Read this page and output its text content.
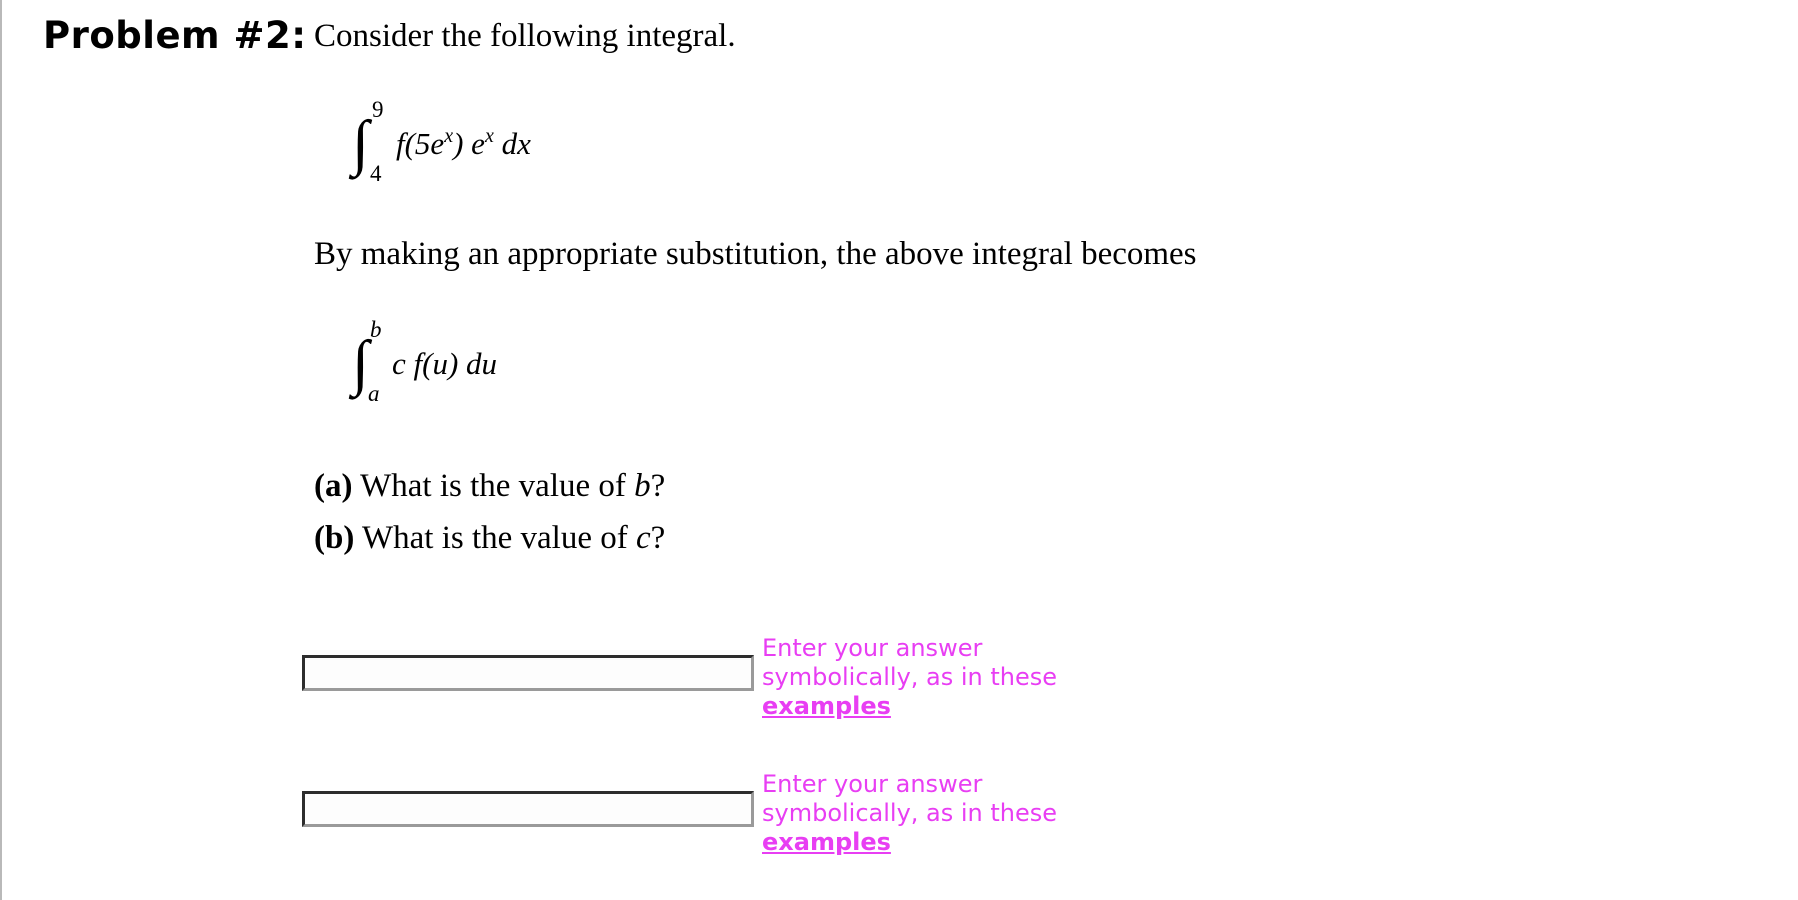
Problem #2: Consider the following integral.
9
∫ 4
$f(5e^x)$ $e^x$ dx
By making an appropriate substitution, the above integral becomes
b
∫ a
c f(u) du
(a) What is the value of b?
(b) What is the value of c?
Enter your answer
symbolically, as in these
examples
Enter your answer
symbolically, as in these
examples
